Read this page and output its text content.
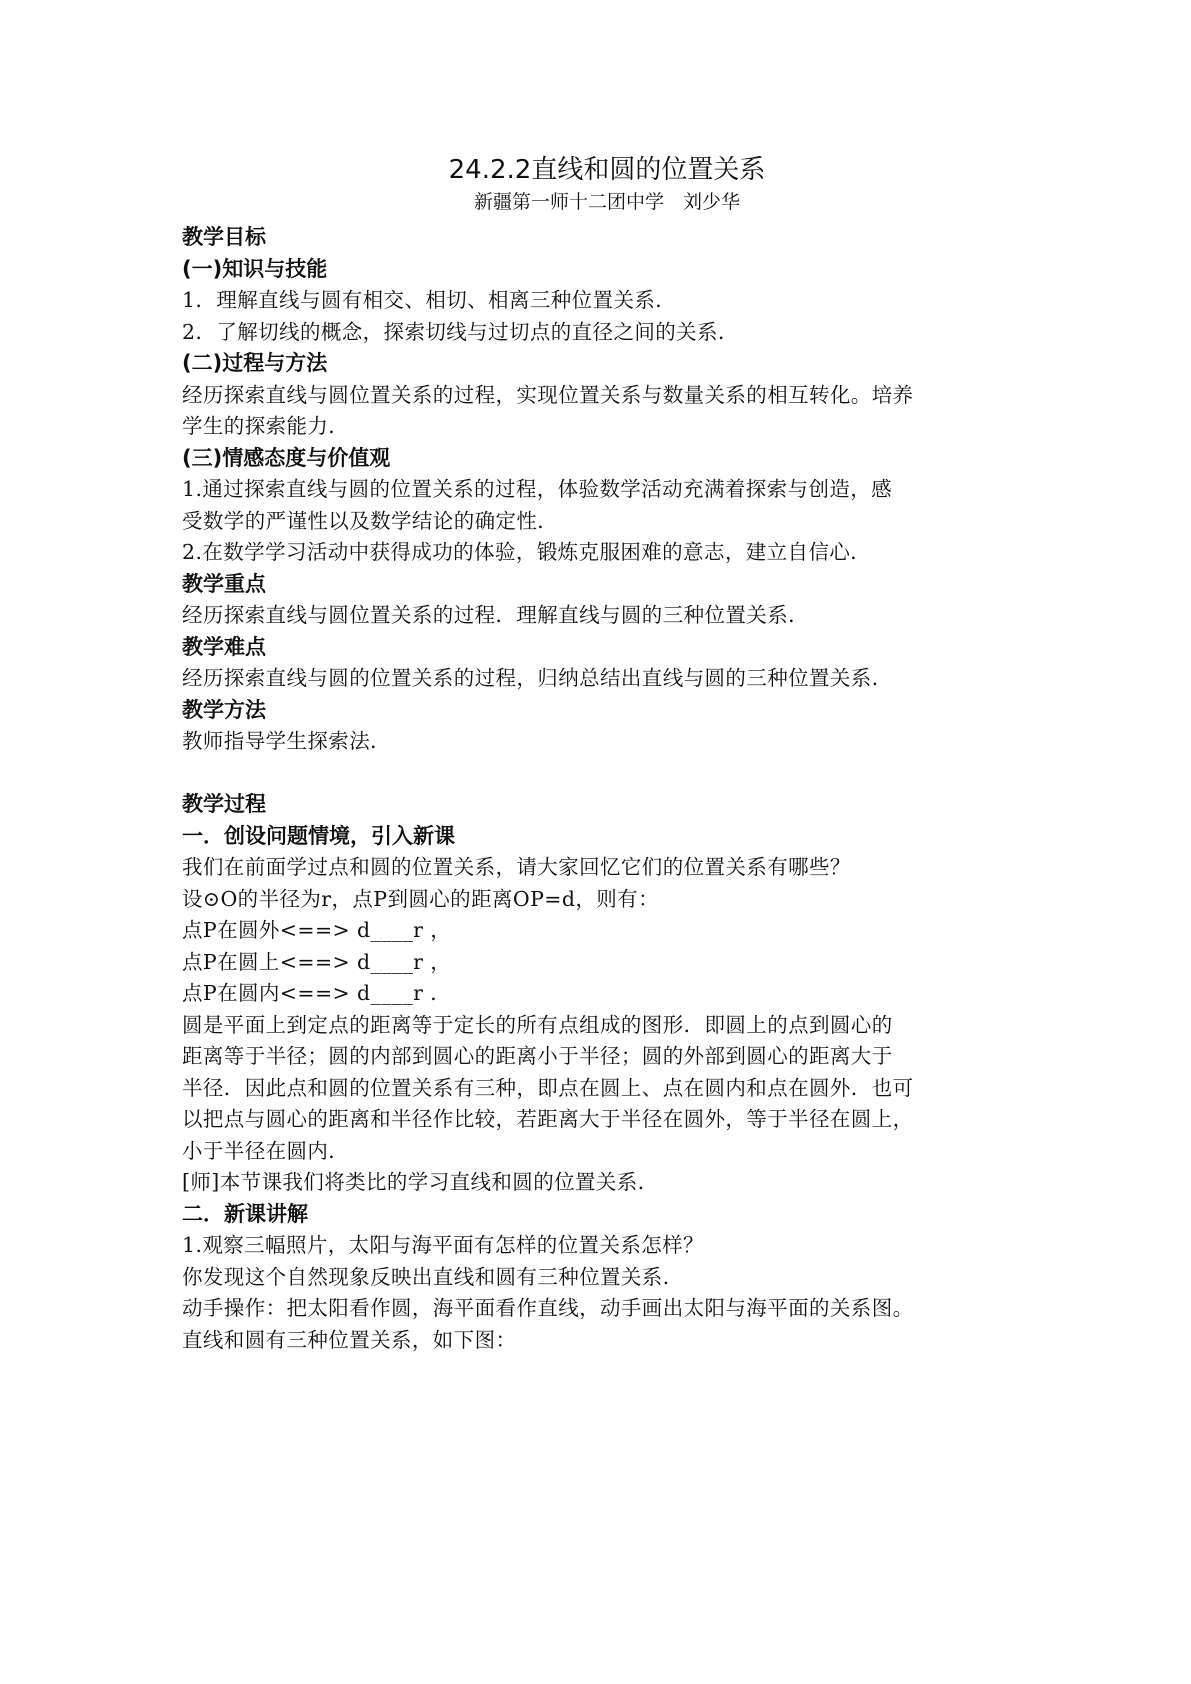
24.2.2直线和圆的位置关系

新疆第一师十二团中学　刘少华

教学目标

(一)知识与技能

1．理解直线与圆有相交、相切、相离三种位置关系．

2．了解切线的概念，探索切线与过切点的直径之间的关系．

(二)过程与方法

经历探索直线与圆位置关系的过程，实现位置关系与数量关系的相互转化。培养

学生的探索能力．

(三)情感态度与价值观

1.通过探索直线与圆的位置关系的过程，体验数学活动充满着探索与创造，感

受数学的严谨性以及数学结论的确定性．

2.在数学学习活动中获得成功的体验，锻炼克服困难的意志，建立自信心．

教学重点

经历探索直线与圆位置关系的过程．理解直线与圆的三种位置关系．

教学难点

经历探索直线与圆的位置关系的过程，归纳总结出直线与圆的三种位置关系．

教学方法

教师指导学生探索法．

教学过程

一．创设问题情境，引入新课

我们在前面学过点和圆的位置关系，请大家回忆它们的位置关系有哪些？

设⊙O的半径为r，点P到圆心的距离OP=d，则有：

点P在圆外<==> d____r ，

点P在圆上<==> d____r ，

点P在圆内<==> d____r ．

圆是平面上到定点的距离等于定长的所有点组成的图形．即圆上的点到圆心的

距离等于半径；圆的内部到圆心的距离小于半径；圆的外部到圆心的距离大于

半径．因此点和圆的位置关系有三种，即点在圆上、点在圆内和点在圆外．也可

以把点与圆心的距离和半径作比较，若距离大于半径在圆外，等于半径在圆上，

小于半径在圆内．

[师]本节课我们将类比的学习直线和圆的位置关系．

二．新课讲解

1.观察三幅照片，太阳与海平面有怎样的位置关系怎样？

你发现这个自然现象反映出直线和圆有三种位置关系．

动手操作：把太阳看作圆，海平面看作直线，动手画出太阳与海平面的关系图。

直线和圆有三种位置关系，如下图：
